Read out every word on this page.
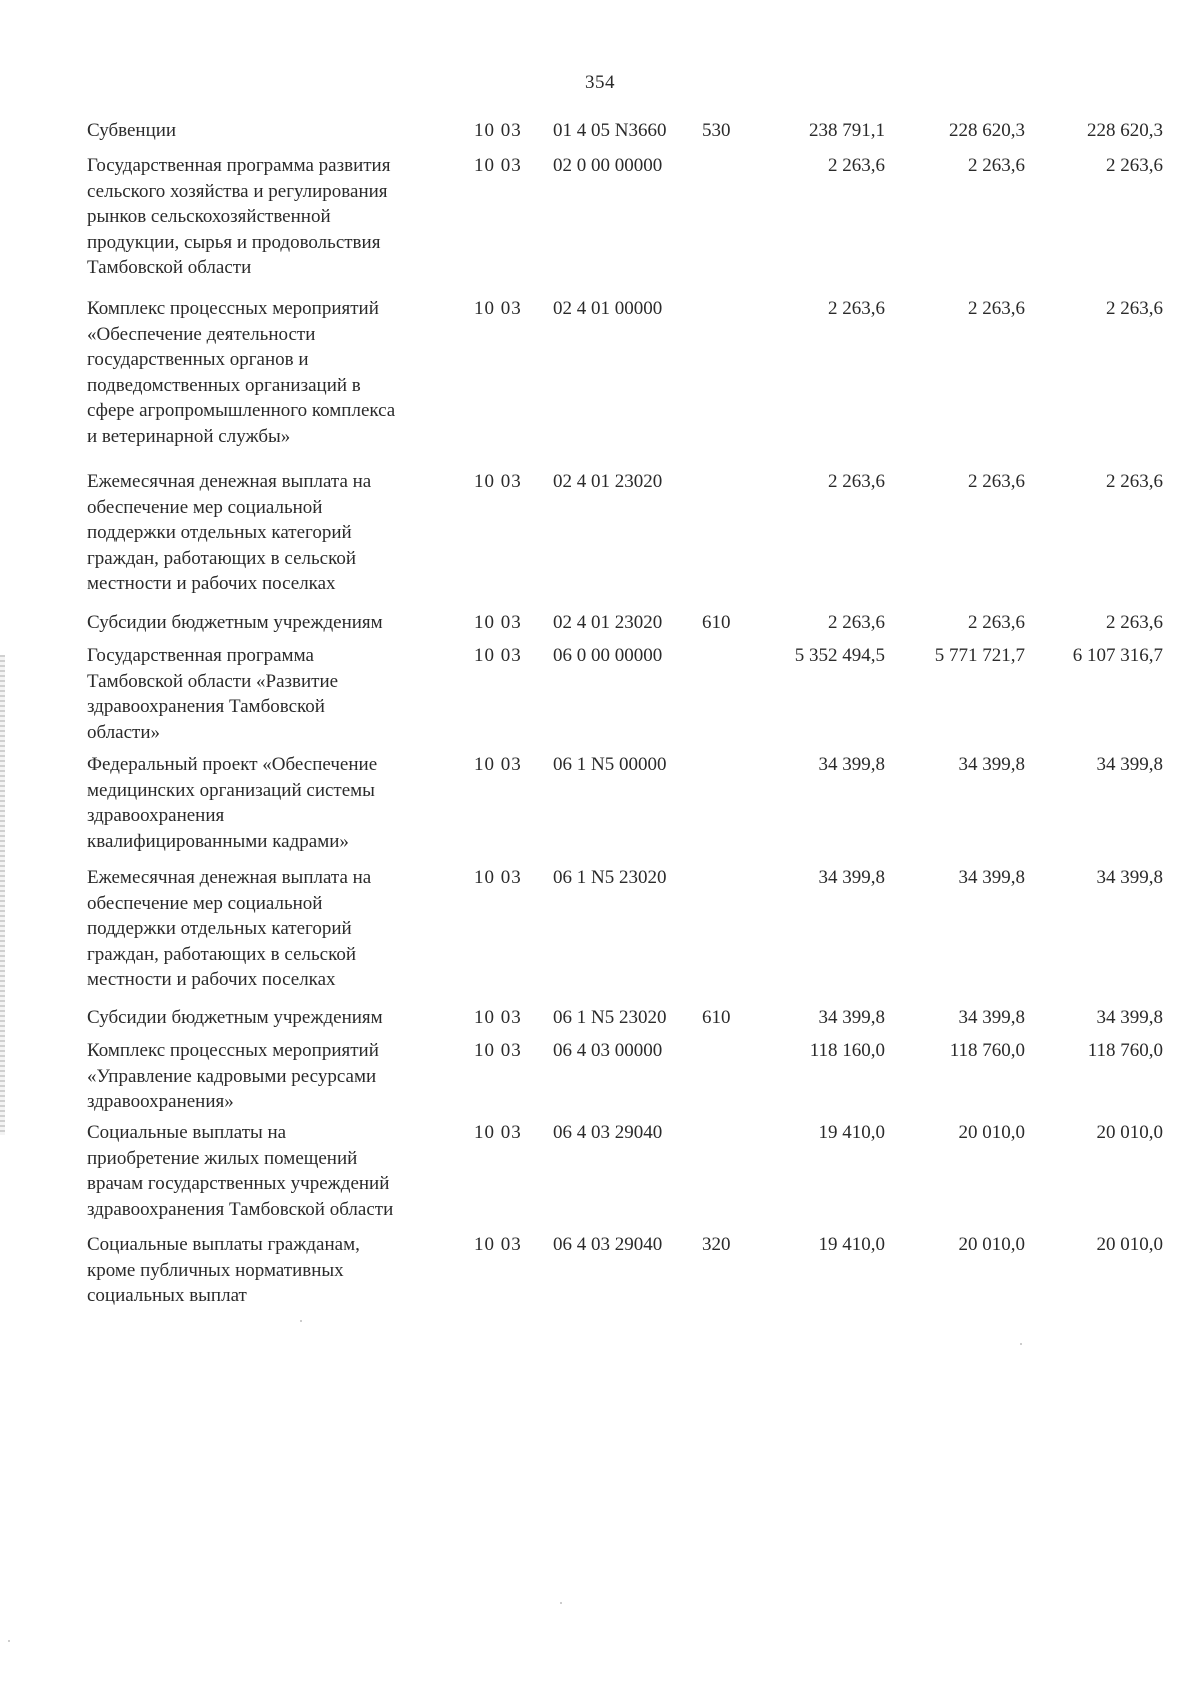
354
Субвенции	10 03	01 4 05 N3660	530	238 791,1	228 620,3	228 620,3
Государственная программа развития
сельского хозяйства и регулирования
рынков сельскохозяйственной
продукции, сырья и продовольствия
Тамбовской области
10 03	02 0 00 00000	2 263,6	2 263,6	2 263,6
Комплекс процессных мероприятий
«Обеспечение деятельности
государственных органов и
подведомственных организаций в
сфере агропромышленного комплекса
и ветеринарной службы»
10 03	02 4 01 00000	2 263,6	2 263,6	2 263,6
Ежемесячная денежная выплата на
обеспечение мер социальной
поддержки отдельных категорий
граждан, работающих в сельской
местности и рабочих поселках
10 03	02 4 01 23020	2 263,6	2 263,6	2 263,6
Субсидии бюджетным учреждениям	10 03	02 4 01 23020	610	2 263,6	2 263,6	2 263,6
Государственная программа
Тамбовской области «Развитие
здравоохранения Тамбовской
области»
10 03	06 0 00 00000	5 352 494,5	5 771 721,7	6 107 316,7
Федеральный проект «Обеспечение
медицинских организаций системы
здравоохранения
квалифицированными кадрами»
10 03	06 1 N5 00000	34 399,8	34 399,8	34 399,8
Ежемесячная денежная выплата на
обеспечение мер социальной
поддержки отдельных категорий
граждан, работающих в сельской
местности и рабочих поселках
10 03	06 1 N5 23020	34 399,8	34 399,8	34 399,8
Субсидии бюджетным учреждениям	10 03	06 1 N5 23020	610	34 399,8	34 399,8	34 399,8
Комплекс процессных мероприятий
«Управление кадровыми ресурсами
здравоохранения»
10 03	06 4 03 00000	118 160,0	118 760,0	118 760,0
Социальные выплаты на
приобретение жилых помещений
врачам государственных учреждений
здравоохранения Тамбовской области
10 03	06 4 03 29040	19 410,0	20 010,0	20 010,0
Социальные выплаты гражданам,
кроме публичных нормативных
социальных выплат
10 03	06 4 03 29040	320	19 410,0	20 010,0	20 010,0
